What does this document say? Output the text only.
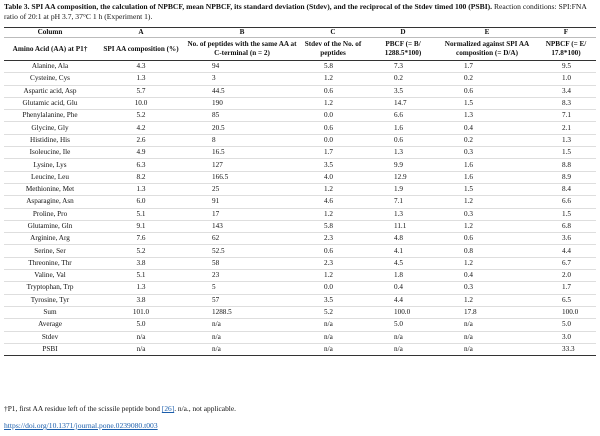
Table 3. SPI AA composition, the calculation of NPBCF, mean NPBCF, its standard deviation (Stdev), and the reciprocal of the Stdev timed 100 (PSBI). Reaction conditions: SPI:FNA ratio of 20:1 at pH 3.7, 37°C 1 h (Experiment 1).
Column	A	B	C	D	E	F
Amino Acid (AA) at P1†	SPI AA composition (%)	No. of peptides with the same AA at C-terminal (n = 2)	Stdev of the No. of peptides	PBCF (= B/ 1288.5*100)	Normalized against SPI AA composition (= D/A)	NPBCF (= E/ 17.8*100)
Alanine, Ala	4.3	94	5.8	7.3	1.7	9.5
Cysteine, Cys	1.3	3	1.2	0.2	0.2	1.0
Aspartic acid, Asp	5.7	44.5	0.6	3.5	0.6	3.4
Glutamic acid, Glu	10.0	190	1.2	14.7	1.5	8.3
Phenylalanine, Phe	5.2	85	0.0	6.6	1.3	7.1
Glycine, Gly	4.2	20.5	0.6	1.6	0.4	2.1
Histidine, His	2.6	8	0.0	0.6	0.2	1.3
Isoleucine, Ile	4.9	16.5	1.7	1.3	0.3	1.5
Lysine, Lys	6.3	127	3.5	9.9	1.6	8.8
Leucine, Leu	8.2	166.5	4.0	12.9	1.6	8.9
Methionine, Met	1.3	25	1.2	1.9	1.5	8.4
Asparagine, Asn	6.0	91	4.6	7.1	1.2	6.6
Proline, Pro	5.1	17	1.2	1.3	0.3	1.5
Glutamine, Gln	9.1	143	5.8	11.1	1.2	6.8
Arginine, Arg	7.6	62	2.3	4.8	0.6	3.6
Serine, Ser	5.2	52.5	0.6	4.1	0.8	4.4
Threonine, Thr	3.8	58	2.3	4.5	1.2	6.7
Valine, Val	5.1	23	1.2	1.8	0.4	2.0
Tryptophan, Trp	1.3	5	0.0	0.4	0.3	1.7
Tyrosine, Tyr	3.8	57	3.5	4.4	1.2	6.5
Sum	101.0	1288.5	5.2	100.0	17.8	100.0
Average	5.0	n/a	n/a	5.0	n/a	5.0
Stdev	n/a	n/a	n/a	n/a	n/a	3.0
PSBI	n/a	n/a	n/a	n/a	n/a	33.3
†P1, first AA residue left of the scissile peptide bond [26]. n/a., not applicable.
https://doi.org/10.1371/journal.pone.0239080.t003
